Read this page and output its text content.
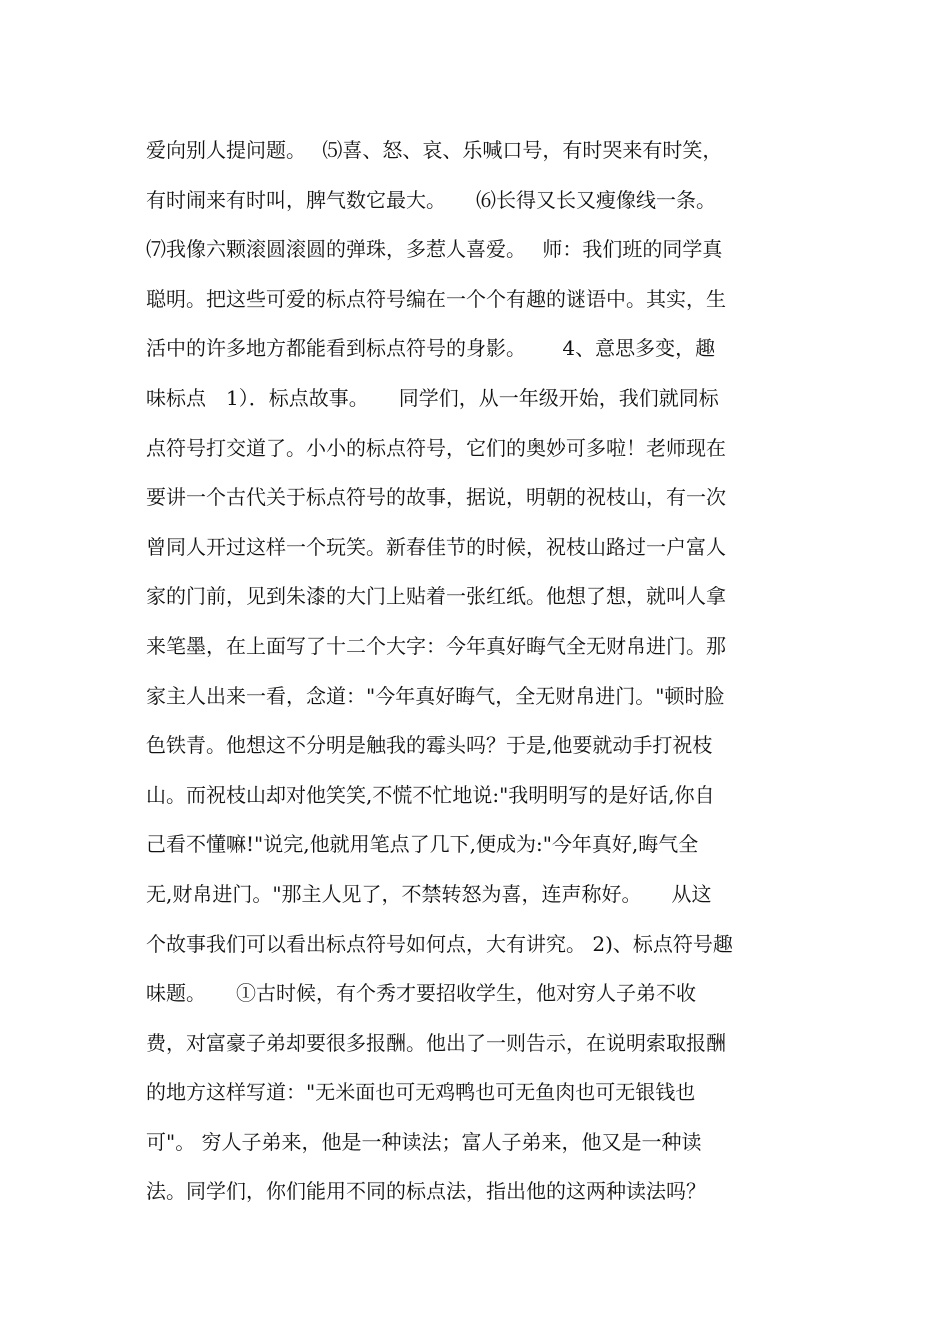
爱向别人提问题。　 ⑸喜、怒、哀、乐喊口号，有时哭来有时笑，
有时闹来有时叫，脾气数它最大。　　⑹长得又长又瘦像线一条。
⑺我像六颗滚圆滚圆的弹珠，多惹人喜爱。　 师：我们班的同学真
聪明。把这些可爱的标点符号编在一个个有趣的谜语中。其实，生
活中的许多地方都能看到标点符号的身影。　　 4、意思多变，趣
味标点　1）．标点故事。　　同学们，从一年级开始，我们就同标
点符号打交道了。小小的标点符号，它们的奥妙可多啦！老师现在
要讲一个古代关于标点符号的故事，据说，明朝的祝枝山，有一次
曾同人开过这样一个玩笑。新春佳节的时候，祝枝山路过一户富人
家的门前，见到朱漆的大门上贴着一张红纸。他想了想，就叫人拿
来笔墨，在上面写了十二个大字：今年真好晦气全无财帛进门。那
家主人出来一看，念道："今年真好晦气，全无财帛进门。"顿时脸
色铁青。他想这不分明是触我的霉头吗？于是,他要就动手打祝枝
山。而祝枝山却对他笑笑,不慌不忙地说:"我明明写的是好话,你自
己看不懂嘛!"说完,他就用笔点了几下,便成为:"今年真好,晦气全
无,财帛进门。"那主人见了，不禁转怒为喜，连声称好。　　从这
个故事我们可以看出标点符号如何点，大有讲究。 2)、标点符号趣
味题。　　①古时候，有个秀才要招收学生，他对穷人子弟不收
费，对富豪子弟却要很多报酬。他出了一则告示，在说明索取报酬
的地方这样写道："无米面也可无鸡鸭也可无鱼肉也可无银钱也
可"。 穷人子弟来，他是一种读法；富人子弟来，他又是一种读
法。同学们，你们能用不同的标点法，指出他的这两种读法吗？
